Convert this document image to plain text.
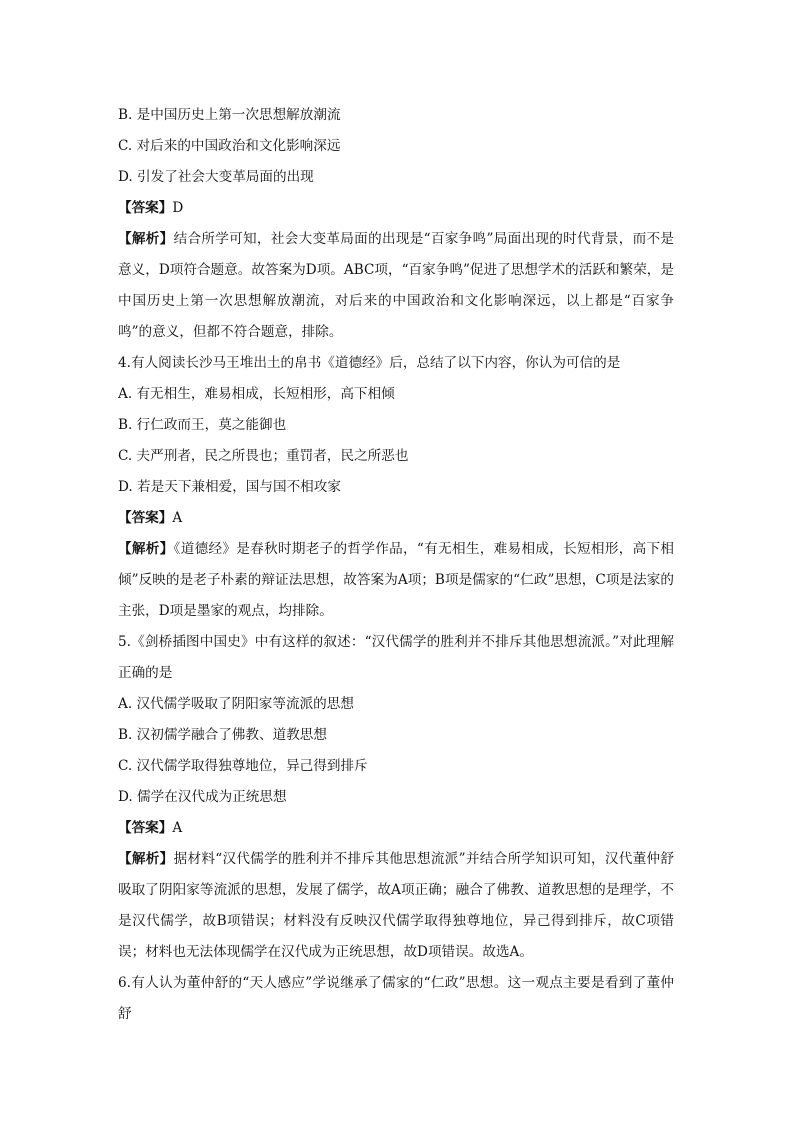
B. 是中国历史上第一次思想解放潮流
C. 对后来的中国政治和文化影响深远
D. 引发了社会大变革局面的出现
【答案】D
【解析】结合所学可知，社会大变革局面的出现是“百家争鸣”局面出现的时代背景，而不是意义，D项符合题意。故答案为D项。ABC项，“百家争鸣”促进了思想学术的活跃和繁荣，是中国历史上第一次思想解放潮流，对后来的中国政治和文化影响深远，以上都是“百家争鸣”的意义，但都不符合题意，排除。
4.有人阅读长沙马王堆出土的帛书《道德经》后，总结了以下内容，你认为可信的是
A. 有无相生，难易相成，长短相形，高下相倾
B. 行仁政而王，莫之能御也
C. 夫严刑者，民之所畏也；重罚者，民之所恶也
D. 若是天下兼相爱，国与国不相攻家
【答案】A
【解析】《道德经》是春秋时期老子的哲学作品，“有无相生，难易相成，长短相形，高下相倾”反映的是老子朴素的辩证法思想，故答案为A项；B项是儒家的“仁政”思想，C项是法家的主张，D项是墨家的观点，均排除。
5.《剑桥插图中国史》中有这样的叙述：“汉代儒学的胜利并不排斥其他思想流派。”对此理解正确的是
A. 汉代儒学吸取了阴阳家等流派的思想
B. 汉初儒学融合了佛教、道教思想
C. 汉代儒学取得独尊地位，异己得到排斥
D. 儒学在汉代成为正统思想
【答案】A
【解析】据材料“汉代儒学的胜利并不排斥其他思想流派”并结合所学知识可知，汉代董仲舒吸取了阴阳家等流派的思想，发展了儒学，故A项正确；融合了佛教、道教思想的是理学，不是汉代儒学，故B项错误；材料没有反映汉代儒学取得独尊地位，异己得到排斥，故C项错误；材料也无法体现儒学在汉代成为正统思想，故D项错误。故选A。
6.有人认为董仲舒的“天人感应”学说继承了儒家的“仁政”思想。这一观点主要是看到了董仲舒
